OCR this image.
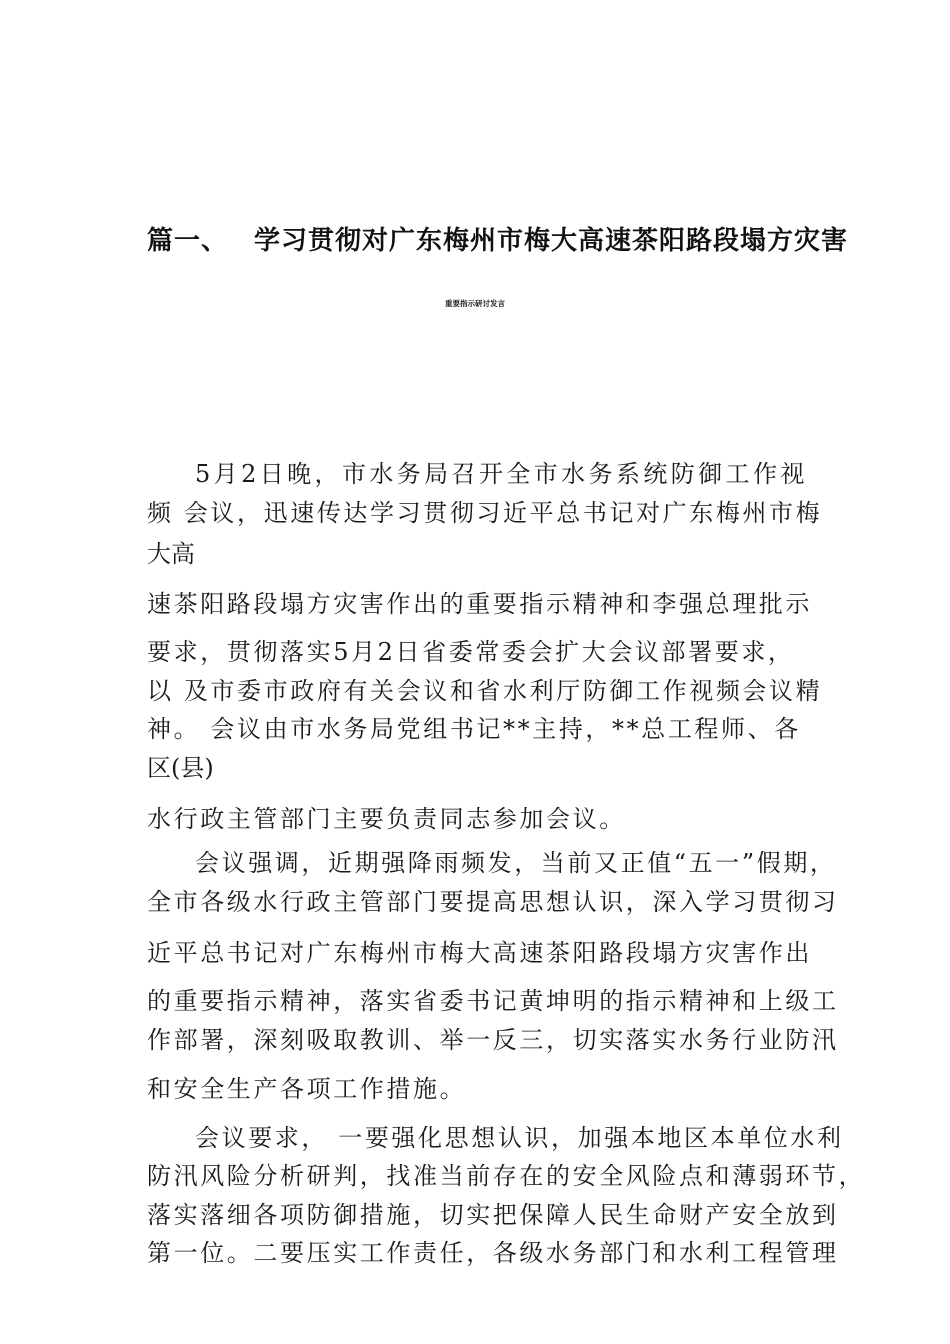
篇一、 学习贯彻对广东梅州市梅大高速茶阳路段塌方灾害
重要指示研讨发言
5月2日晚，市水务局召开全市水务系统防御工作视
频 会议，迅速传达学习贯彻习近平总书记对广东梅州市梅
大高
速茶阳路段塌方灾害作出的重要指示精神和李强总理批示
要求，贯彻落实5月2日省委常委会扩大会议部署要求，
以 及市委市政府有关会议和省水利厅防御工作视频会议精
神。 会议由市水务局党组书记**主持，**总工程师、各
区(县)
水行政主管部门主要负责同志参加会议。
会议强调，近期强降雨频发，当前又正值“五一”假期，
全市各级水行政主管部门要提高思想认识，深入学习贯彻习
近平总书记对广东梅州市梅大高速茶阳路段塌方灾害作出
的重要指示精神，落实省委书记黄坤明的指示精神和上级工
作部署，深刻吸取教训、举一反三，切实落实水务行业防汛
和安全生产各项工作措施。
会议要求， 一要强化思想认识，加强本地区本单位水利
防汛风险分析研判，找准当前存在的安全风险点和薄弱环节，
落实落细各项防御措施，切实把保障人民生命财产安全放到
第一位。二要压实工作责任，各级水务部门和水利工程管理
